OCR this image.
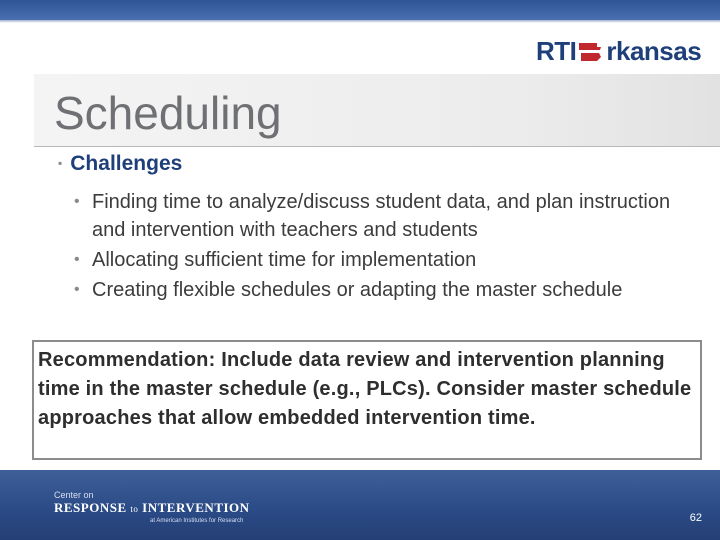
RTI rkansas
Scheduling
▪ Challenges
• Finding time to analyze/discuss student data, and plan instruction and intervention with teachers and students
• Allocating sufficient time for implementation
• Creating flexible schedules or adapting the master schedule
Recommendation: Include data review and intervention planning time in the master schedule (e.g., PLCs). Consider master schedule approaches that allow embedded intervention time.
Center on
RESPONSE to INTERVENTION
at American Institutes for Research	62
